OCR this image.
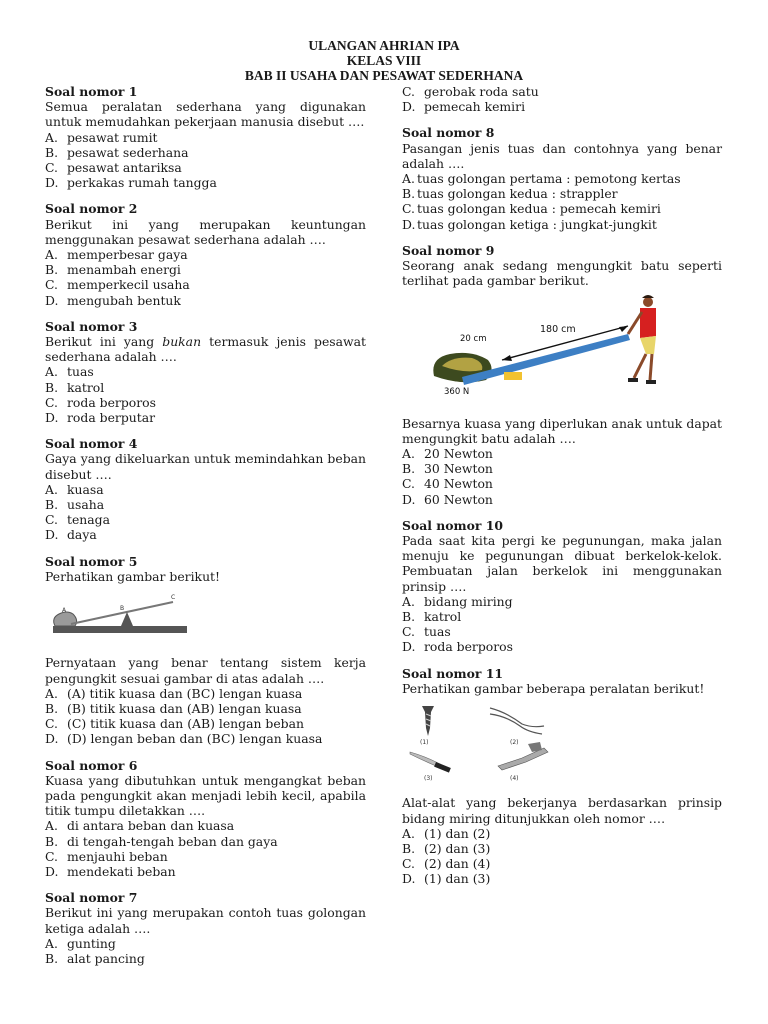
ULANGAN AHRIAN IPA
KELAS VIII
BAB II USAHA DAN PESAWAT SEDERHANA
Soal nomor 1
Semua peralatan sederhana yang digunakan untuk memudahkan pekerjaan manusia disebut ….
A. pesawat rumit
B. pesawat sederhana
C. pesawat antariksa
D. perkakas rumah tangga
Soal nomor 2
Berikut ini yang merupakan keuntungan menggunakan pesawat sederhana adalah ….
A. memperbesar gaya
B. menambah energi
C. memperkecil usaha
D. mengubah bentuk
Soal nomor 3
Berikut ini yang bukan termasuk jenis pesawat sederhana adalah ….
A. tuas
B. katrol
C. roda berporos
D. roda berputar
Soal nomor 4
Gaya yang dikeluarkan untuk memindahkan beban disebut ….
A. kuasa
B. usaha
C. tenaga
D. daya
Soal nomor 5
Perhatikan gambar berikut!
A	B
C
Pernyataan yang benar tentang sistem kerja pengungkit sesuai gambar di atas adalah ….
A. (A) titik kuasa dan (BC) lengan kuasa
B. (B) titik kuasa dan (AB) lengan kuasa
C. (C) titik kuasa dan (AB) lengan beban
D. (D) lengan beban dan (BC) lengan kuasa
Soal nomor 6
Kuasa yang dibutuhkan untuk mengangkat beban pada pengungkit akan menjadi lebih kecil, apabila titik tumpu diletakkan ….
A. di antara beban dan kuasa
B. di tengah-tengah beban dan gaya
C. menjauhi beban
D. mendekati beban
Soal nomor 7
Berikut ini yang merupakan contoh tuas golongan ketiga adalah ….
A. gunting
B. alat pancing
C. gerobak roda satu
D. pemecah kemiri
Soal nomor 8
Pasangan jenis tuas dan contohnya yang benar adalah ….
A. tuas golongan pertama : pemotong kertas
B. tuas golongan kedua : strappler
C. tuas golongan kedua : pemecah kemiri
D. tuas golongan ketiga : jungkat-jungkit
Soal nomor 9
Seorang anak sedang mengungkit batu seperti terlihat pada gambar berikut.
180 cm
20 cm
360 N
Besarnya kuasa yang diperlukan anak untuk dapat mengungkit batu adalah ….
A. 20 Newton
B. 30 Newton
C. 40 Newton
D. 60 Newton
Soal nomor 10
Pada saat kita pergi ke pegunungan, maka jalan menuju ke pegunungan dibuat berkelok-kelok. Pembuatan jalan berkelok ini menggunakan prinsip ….
A. bidang miring
B. katrol
C. tuas
D. roda berporos
Soal nomor 11
Perhatikan gambar beberapa peralatan berikut!
(1)	(2)
(3)	(4)
Alat-alat yang bekerjanya berdasarkan prinsip bidang miring ditunjukkan oleh nomor ….
A. (1) dan (2)
B. (2) dan (3)
C. (2) dan (4)
D. (1) dan (3)
